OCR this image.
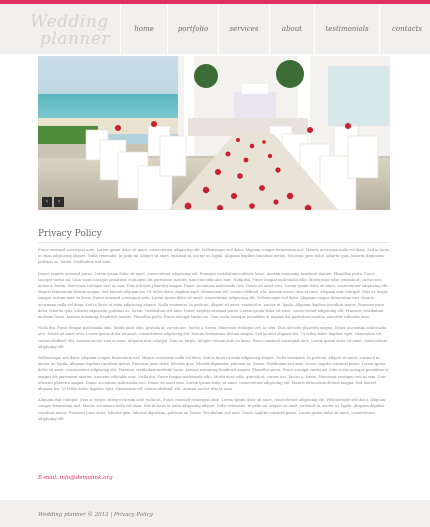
Wedding
planner	home	portfolio	services	about	testimonials	contacts
‹	›
Privacy Policy

Fusce euismod consequat ante. Lorem ipsum dolor sit amet, consectetuer adipiscing elit. Pellentesque sed dolor. Aliquam congue fermentum nisl. Mauris accumsan nulla vel diam. Sed in lacus ut enim adipiscing aliquet. Nulla venenatis. In pede mi, aliquet sit amet, euismod in, auctor ut, ligula. Aliquam dapibus tincidunt metus. Praesent justo dolor, lobortis quis, lobortis dignissim, pulvinar ac, lorem. Vestibulum sed ante.

Donec sagittis euismod purus. Lorem ipsum dolor sit amet, consectetuer adipiscing elit. Praesent vestibulum molestie lacus. Aenean nonummy hendrerit mauris. Phasellus porta. Fusce suscipit varius mi. Cum sociis natoque penatibus et magnis dis parturient montes, nascetur ridiculus mus. Nulla dui. Fusce feugiat malesuada odio. Morbi nunc odio, gravida at, cursus nec, luctus a, lorem. Maecenas tristique orci ac sem. Duis ultricies pharetra magna. Donec accumsan malesuada orci. Donec sit amet eros. Lorem ipsum dolor sit amet, consectetuer adipiscing elit. Mauris fermentum dictum magna. Sed laoreet aliquam leo. Ut tellus dolor, dapibus eget, elementum vel, cursus eleifend, elit. Aenean auctor wisi et urna. Aliquam erat volutpat. Duis ac turpis. Integer rutrum ante eu lacus. Fusce euismod consequat ante. Lorem ipsum dolor sit amet, consectetuer adipiscing elit. Pellentesque sed dolor. Aliquam congue fermentum nisl. Mauris accumsan nulla vel diam. Sed in lacus ut enim adipiscing aliquet. Nulla venenatis. In pede mi, aliquet sit amet, euismod in, auctor ut, ligula. Aliquam dapibus tincidunt metus. Praesent justo dolor, lobortis quis, lobortis dignissim, pulvinar ac, lorem. Vestibulum sed ante. Donec sagittis euismod purus. Lorem ipsum dolor sit amet, consectetuer adipiscing elit. Praesent vestibulum molestie lacus. Aenean nonummy hendrerit mauris. Phasellus porta. Fusce suscipit varius mi. Cum sociis natoque penatibus et magnis dis parturient montes, nascetur ridiculus mus.

Nulla dui. Fusce feugiat malesuada odio. Morbi nunc odio, gravida at, cursus nec, luctus a, lorem. Maecenas tristique orci ac sem. Duis ultricies pharetra magna. Donec accumsan malesuada orci. Donec sit amet eros. Lorem ipsum dolor sit amet, consectetuer adipiscing elit. Mauris fermentum dictum magna. Sed laoreet aliquam leo. Ut tellus dolor, dapibus eget, elementum vel, cursus eleifend, elit. Aenean auctor wisi et urna. Aliquam erat volutpat. Duis ac turpis. Integer rutrum ante eu lacus. Fusce euismod consequat ante. Lorem ipsum dolor sit amet, consectetuer adipiscing elit.

Pellentesque sed dolor. Aliquam congue fermentum nisl. Mauris accumsan nulla vel diam. Sed in lacus ut enim adipiscing aliquet. Nulla venenatis. In pede mi, aliquet sit amet, euismod in, auctor ut, ligula. Aliquam dapibus tincidunt metus. Praesent justo dolor, lobortis quis, lobortis dignissim, pulvinar ac, lorem. Vestibulum sed ante. Donec sagittis euismod purus. Lorem ipsum dolor sit amet, consectetuer adipiscing elit. Praesent vestibulum molestie lacus. Aenean nonummy hendrerit mauris. Phasellus porta. Fusce suscipit varius mi. Cum sociis natoque penatibus et magnis dis parturient montes, nascetur ridiculus mus. Nulla dui. Fusce feugiat malesuada odio. Morbi nunc odio, gravida at, cursus nec, luctus a, lorem. Maecenas tristique orci ac sem. Duis ultricies pharetra magna. Donec accumsan malesuada orci. Donec sit amet eros. Lorem ipsum dolor sit amet, consectetuer adipiscing elit. Mauris fermentum dictum magna. Sed laoreet aliquam leo. Ut tellus dolor, dapibus eget, elementum vel, cursus eleifend, elit. Aenean auctor wisi et urna.

Aliquam erat volutpat. Duis ac turpis. Integer rutrum ante eu lacus. Fusce euismod consequat ante. Lorem ipsum dolor sit amet, consectetuer adipiscing elit. Pellentesque sed dolor. Aliquam congue fermentum nisl. Mauris accumsan nulla vel diam. Sed in lacus ut enim adipiscing aliquet. Nulla venenatis. In pede mi, aliquet sit amet, euismod in, auctor ut, ligula. Aliquam dapibus tincidunt metus. Praesent justo dolor, lobortis quis, lobortis dignissim, pulvinar ac, lorem. Vestibulum sed ante. Donec sagittis euismod purus. Lorem ipsum dolor sit amet, consectetuer adipiscing elit.

E-mail: info@demolink.org
Wedding planner © 2012 | Privacy Policy
